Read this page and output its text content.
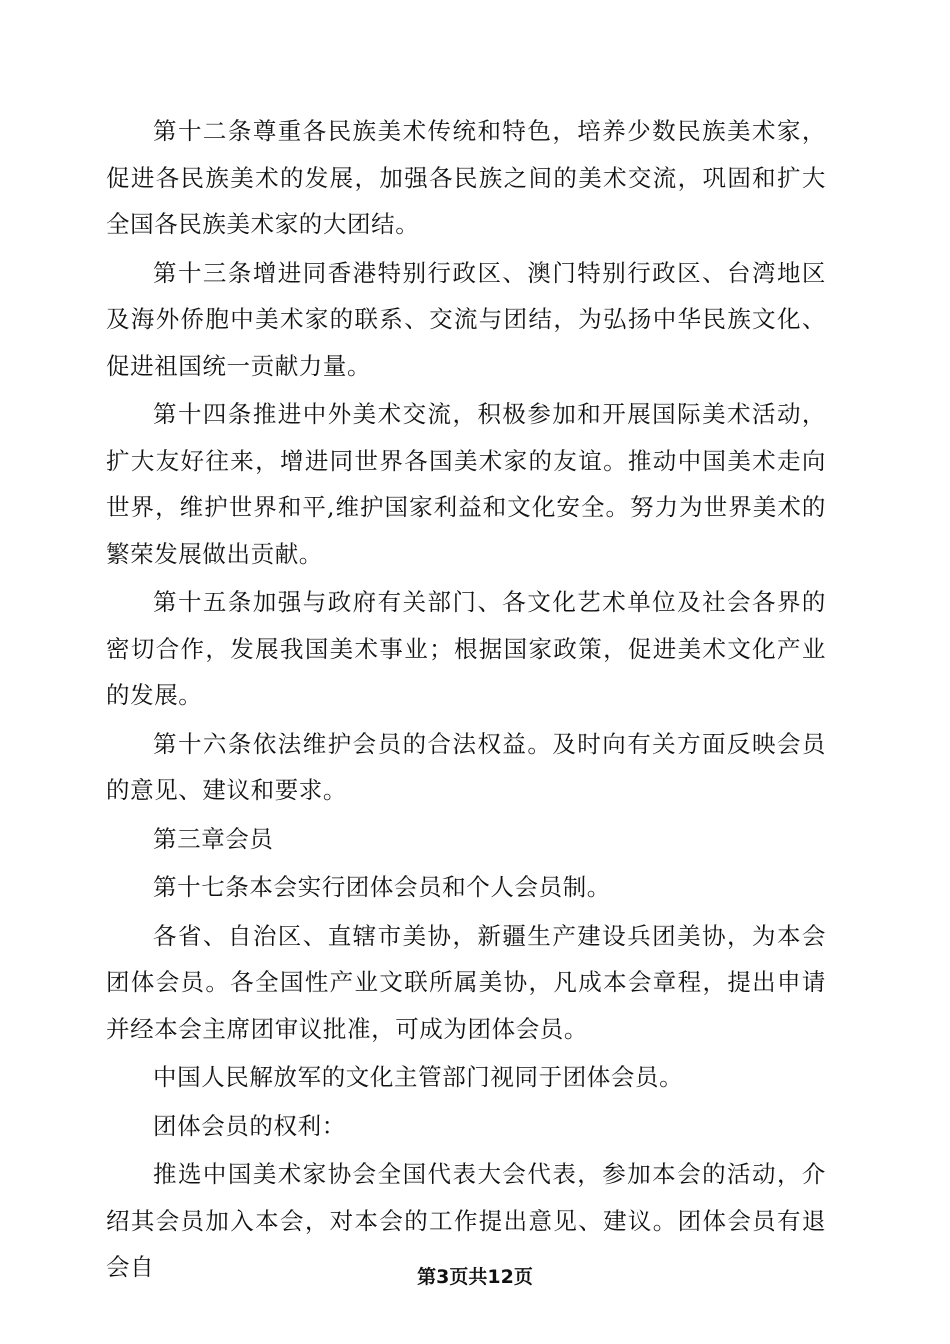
第十二条尊重各民族美术传统和特色，培养少数民族美术家，促进各民族美术的发展，加强各民族之间的美术交流，巩固和扩大全国各民族美术家的大团结。

第十三条增进同香港特别行政区、澳门特别行政区、台湾地区及海外侨胞中美术家的联系、交流与团结，为弘扬中华民族文化、促进祖国统一贡献力量。

第十四条推进中外美术交流，积极参加和开展国际美术活动，扩大友好往来，增进同世界各国美术家的友谊。推动中国美术走向世界，维护世界和平,维护国家利益和文化安全。努力为世界美术的繁荣发展做出贡献。

第十五条加强与政府有关部门、各文化艺术单位及社会各界的密切合作，发展我国美术事业；根据国家政策，促进美术文化产业的发展。

第十六条依法维护会员的合法权益。及时向有关方面反映会员的意见、建议和要求。

第三章会员

第十七条本会实行团体会员和个人会员制。

各省、自治区、直辖市美协，新疆生产建设兵团美协，为本会团体会员。各全国性产业文联所属美协，凡成本会章程，提出申请并经本会主席团审议批准，可成为团体会员。

中国人民解放军的文化主管部门视同于团体会员。

团体会员的权利：

推选中国美术家协会全国代表大会代表，参加本会的活动，介绍其会员加入本会，对本会的工作提出意见、建议。团体会员有退会自	第3页共12页
